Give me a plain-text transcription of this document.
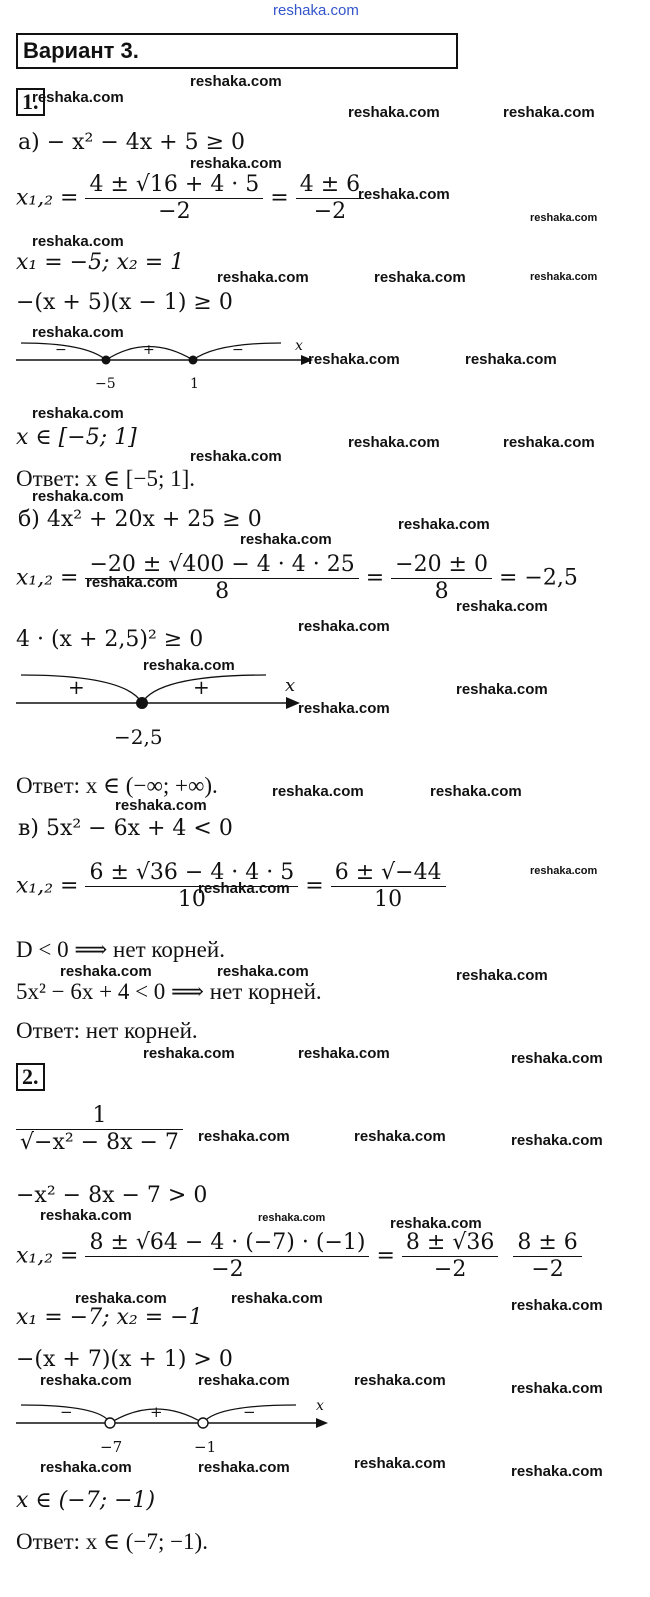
reshaka.com
Вариант 3.
1.
а) − x² − 4x + 5 ≥ 0
$x_1,_2 = \frac{4 \pm √16 + 4 \cdot 5}{-2} = \frac{4 \pm 6}{-2}$
x₁ = −5; x₂ = 1
−(x + 5)(x − 1) ≥ 0
−	+	−	x
−5	1
x ∈ [−5; 1]
Ответ: x ∈ [−5; 1].
б) 4x² + 20x + 25 ≥ 0
$x_1,_2 = \frac{-20 \pm √400 - 4 \cdot 4 \cdot 25}{8} = \frac{-20 \pm 0}{8} = -2,5$
4 · (x + 2,5)² ≥ 0
+	+	x
−2,5
Ответ: x ∈ (−∞; +∞).
в) 5x² − 6x + 4 < 0
$x_1,_2 = \frac{6 \pm √36 - 4 \cdot 4 \cdot 5}{10} = \frac{6 \pm √-44}{10}$
D < 0 ⟹ нет корней.
5x² − 6x + 4 < 0 ⟹ нет корней.
Ответ: нет корней.
2.
$\frac{1}{\text{√−x² − 8x − 7}}$
−x² − 8x − 7 > 0
$x_1,_2 = \frac{8 \pm √64 - 4 \cdot (-7) \cdot (-1)}{-2} = \frac{8 \pm √36}{-2}$
$\frac{8 \pm 6}{-2}$
x₁ = −7; x₂ = −1
−(x + 7)(x + 1) > 0
−	+	−	x
−7	−1
x ∈ (−7; −1)
Ответ: x ∈ (−7; −1).
reshaka.com
reshaka.com
reshaka.com	reshaka.com
reshaka.com
reshaka.com
reshaka.com
reshaka.com
reshaka.com	reshaka.com	reshaka.com
reshaka.com
reshaka.com	reshaka.com
reshaka.com
reshaka.com
reshaka.com	reshaka.com
reshaka.com
reshaka.com
reshaka.com
reshaka.com
reshaka.com
reshaka.com
reshaka.com
reshaka.com
reshaka.com
reshaka.com	reshaka.com
reshaka.com
reshaka.com
reshaka.com
reshaka.com	reshaka.com	reshaka.com
reshaka.com	reshaka.com	reshaka.com
reshaka.com	reshaka.com	reshaka.com
reshaka.com	reshaka.com	reshaka.com
reshaka.com	reshaka.com	reshaka.com
reshaka.com	reshaka.com	reshaka.com	reshaka.com
reshaka.com	reshaka.com	reshaka.com	reshaka.com
